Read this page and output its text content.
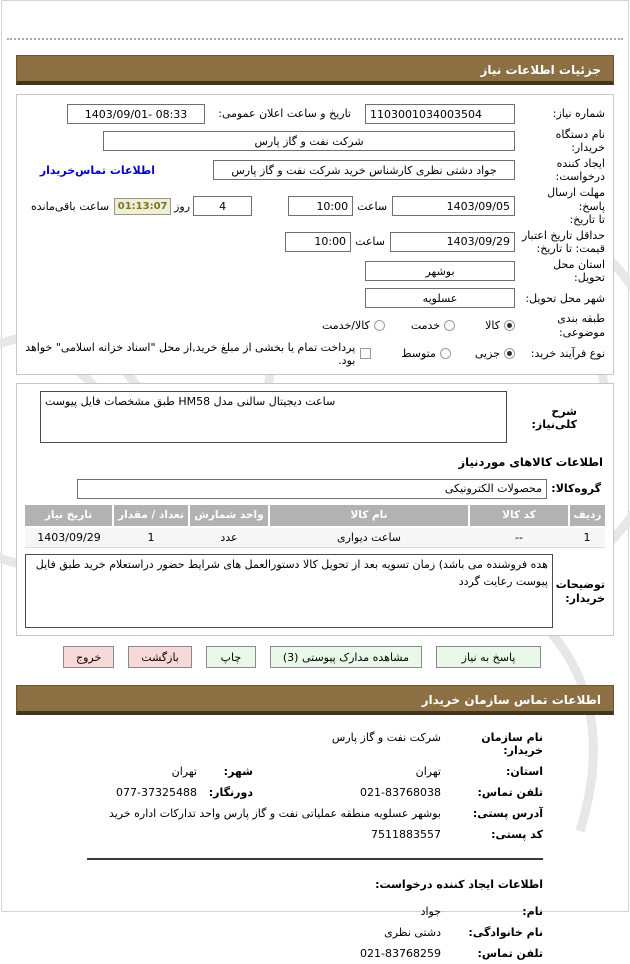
جزئیات اطلاعات نیاز
شماره نیاز:
1103001034003504
تاریخ و ساعت اعلان عمومی:
1403/09/01- 08:33
نام دستگاه خریدار:
شرکت نفت و گاز پارس
ایجاد کننده
درخواست:
جواد دشتی نظری کارشناس خرید شرکت نفت و گاز پارس
اطلاعات تماس‌خریدار
مهلت ارسال پاسخ:
تا تاریخ:
1403/09/05
ساعت
10:00
4
روز
01:13:07
ساعت باقی‌مانده
حداقل تاریخ اعتبار
قیمت: تا تاریخ:
1403/09/29
ساعت
10:00
استان محل تحویل:
بوشهر
شهر محل تحویل:
عسلویه
طبقه بندی موضوعی:
کالا
خدمت
کالا/خدمت
نوع فرآیند خرید:
جزیی
متوسط
پرداخت تمام یا بخشی از مبلغ خرید,از محل "اسناد خزانه اسلامی" خواهد بود.
شرح کلی‌نیاز:
ساعت دیجیتال سالنی مدل HM58 طبق مشخصات فایل پیوست
اطلاعات کالاهای موردنیاز
گروه‌کالا:
محصولات الکترونیکی
ردیف	کد کالا	نام کالا	واحد شمارش	تعداد / مقدار	تاریخ نیاز
1	--	ساعت دیواری	عدد	1	1403/09/29
توضیحات
خریدار:
هده فروشنده می باشد) زمان تسویه بعد از تحویل کالا دستورالعمل های شرایط حضور دراستعلام خرید طبق فایل پیوست رعایت گردد
پاسخ به نیاز
مشاهده مدارک پیوستی (3)
چاپ
بازگشت
خروج
اطلاعات تماس سازمان خریدار
نام سازمان خریدار:
شرکت نفت و گاز پارس
استان:
تهران
شهر:
تهران
تلفن تماس:
021-83768038
دورنگار:
077-37325488
آدرس پستی:
بوشهر عسلویه منطقه عملیاتی نفت و گاز پارس واحد تدارکات اداره خرید
کد پستی:
7511883557
اطلاعات ایجاد کننده درخواست:
نام:
جواد
نام خانوادگی:
دشتی نظری
تلفن تماس:
021-83768259
